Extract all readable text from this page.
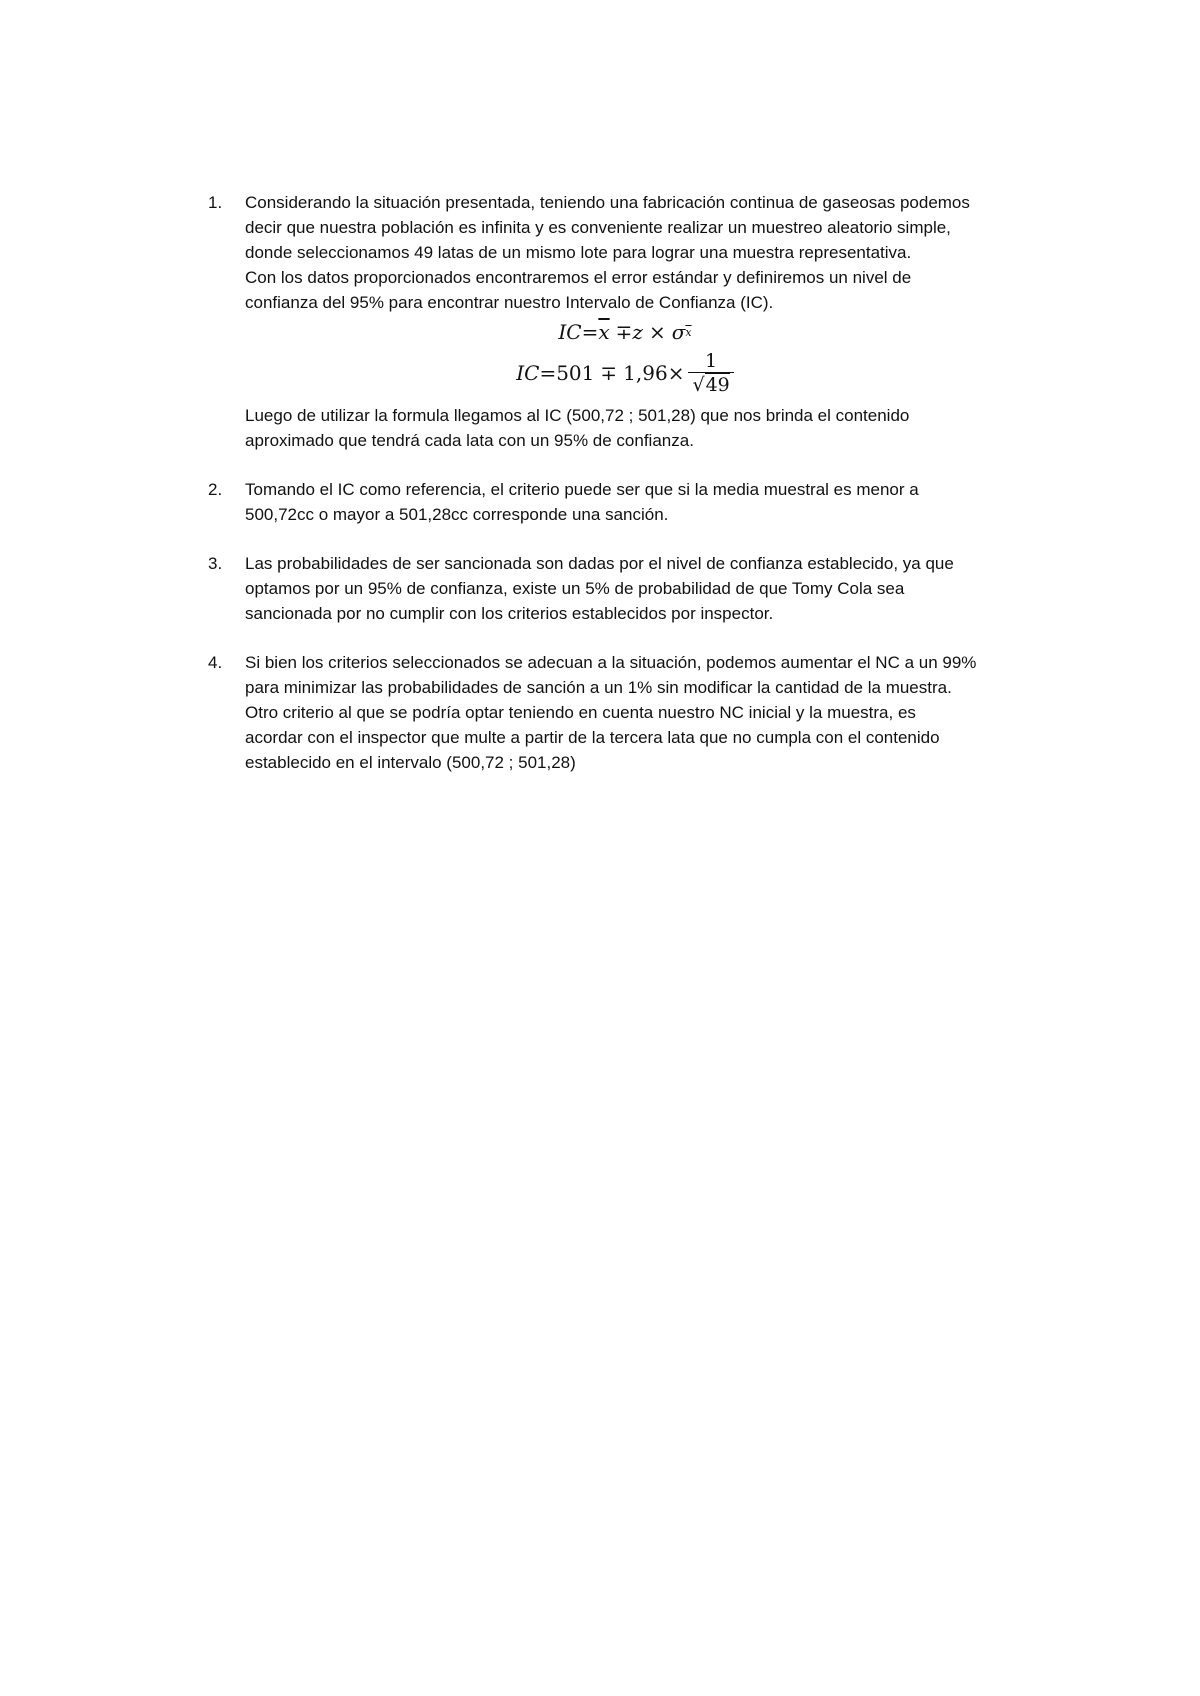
1.	Considerando la situación presentada, teniendo una fabricación continua de gaseosas podemos
decir que nuestra población es infinita y es conveniente realizar un muestreo aleatorio simple,
donde seleccionamos 49 latas de un mismo lote para lograr una muestra representativa.
Con los datos proporcionados encontraremos el error estándar y definiremos un nivel de
confianza del 95% para encontrar nuestro Intervalo de Confianza (IC).
IC = $\overline{x} \mp z \times \sigma$ $\overline{x}$
IC = $501 \mp 1,96 \times \frac{1}{√49}$
Luego de utilizar la formula llegamos al IC (500,72 ; 501,28) que nos brinda el contenido
aproximado que tendrá cada lata con un 95% de confianza.
2.	Tomando el IC como referencia, el criterio puede ser que si la media muestral es menor a
500,72cc o mayor a 501,28cc corresponde una sanción.
3.	Las probabilidades de ser sancionada son dadas por el nivel de confianza establecido, ya que
optamos por un 95% de confianza, existe un 5% de probabilidad de que Tomy Cola sea
sancionada por no cumplir con los criterios establecidos por inspector.
4.	Si bien los criterios seleccionados se adecuan a la situación, podemos aumentar el NC a un 99%
para minimizar las probabilidades de sanción a un 1% sin modificar la cantidad de la muestra.
Otro criterio al que se podría optar teniendo en cuenta nuestro NC inicial y la muestra, es
acordar con el inspector que multe a partir de la tercera lata que no cumpla con el contenido
establecido en el intervalo (500,72 ; 501,28)
